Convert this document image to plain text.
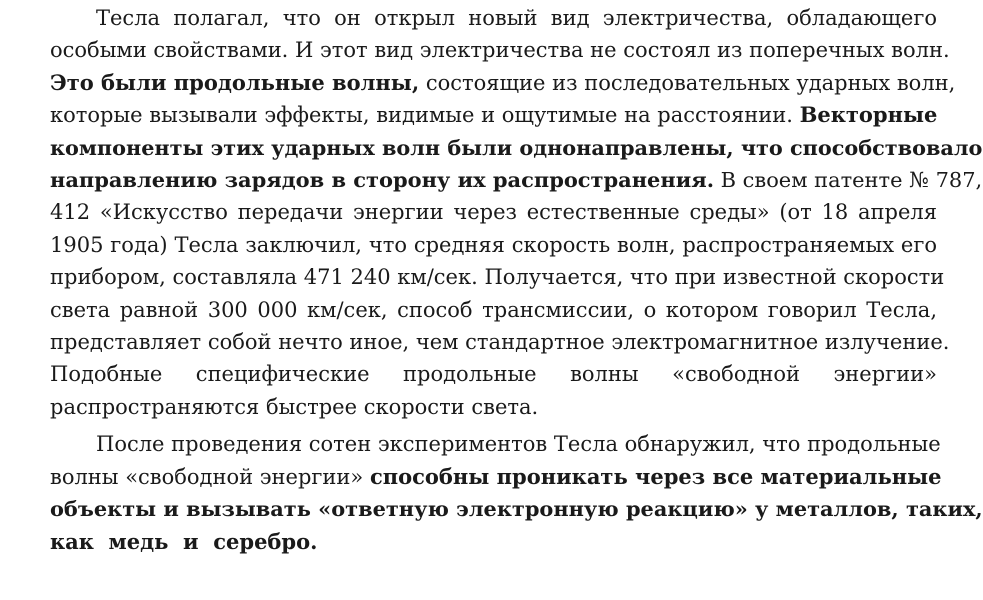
Тесла полагал, что он открыл новый вид электричества, обладающего
особыми свойствами. И этот вид электричества не состоял из поперечных волн.
Это были продольные волны, состоящие из последовательных ударных волн,
которые вызывали эффекты, видимые и ощутимые на расстоянии. Векторные
компоненты этих ударных волн были однонаправлены, что способствовало
направлению зарядов в сторону их распространения. В своем патенте № 787,
412 «Искусство передачи энергии через естественные среды» (от 18 апреля
1905 года) Тесла заключил, что средняя скорость волн, распространяемых его
прибором, составляла 471 240 км/сек. Получается, что при известной скорости
света равной 300 000 км/сек, способ трансмиссии, о котором говорил Тесла,
представляет собой нечто иное, чем стандартное электромагнитное излучение.
Подобные специфические продольные волны «свободной энергии»
распространяются быстрее скорости света.
После проведения сотен экспериментов Тесла обнаружил, что продольные
волны «свободной энергии» способны проникать через все материальные
объекты и вызывать «ответную электронную реакцию» у металлов, таких,
как  медь  и  серебро.
